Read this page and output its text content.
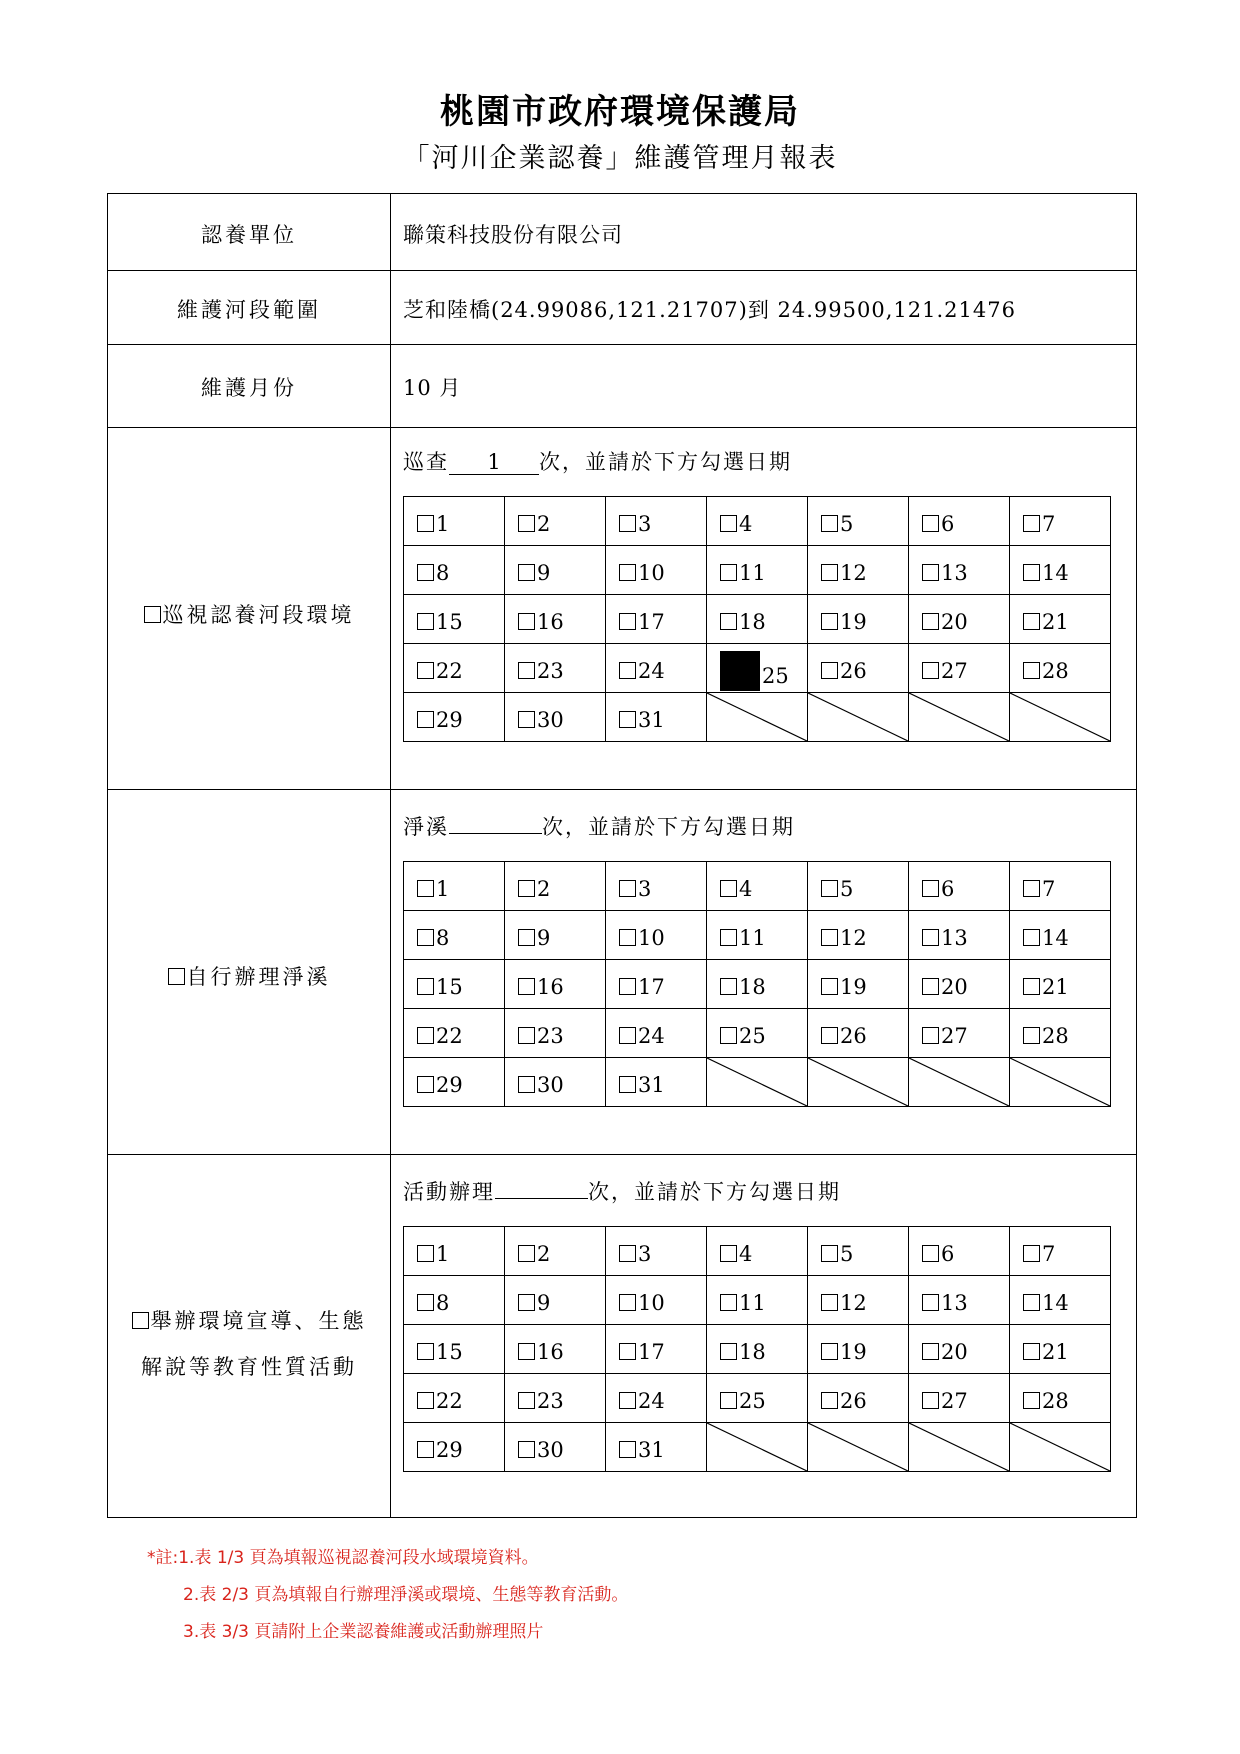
桃園市政府環境保護局
「河川企業認養」維護管理月報表
認養單位	聯策科技股份有限公司
維護河段範圍	芝和陸橋(24.99086,121.21707)到 24.99500,121.21476
維護月份	10 月
巡視認養河段環境
巡查 1 次，並請於下方勾選日期
1	2	3	4	5	6	7
8	9	10	11	12	13	14
15	16	17	18	19	20	21
22	23	24	25	26	27	28
29	30	31	

自行辦理淨溪
淨溪	次，並請於下方勾選日期
1	2	3	4	5	6	7
8	9	10	11	12	13	14
15	16	17	18	19	20	21
22	23	24	25	26	27	28
29	30	31	

舉辦環境宣導、生態
解說等教育性質活動
活動辦理	次，並請於下方勾選日期
1	2	3	4	5	6	7
8	9	10	11	12	13	14
15	16	17	18	19	20	21
22	23	24	25	26	27	28
29	30	31	

*註:1.表 1/3 頁為填報巡視認養河段水域環境資料。
2.表 2/3 頁為填報自行辦理淨溪或環境、生態等教育活動。
3.表 3/3 頁請附上企業認養維護或活動辦理照片
